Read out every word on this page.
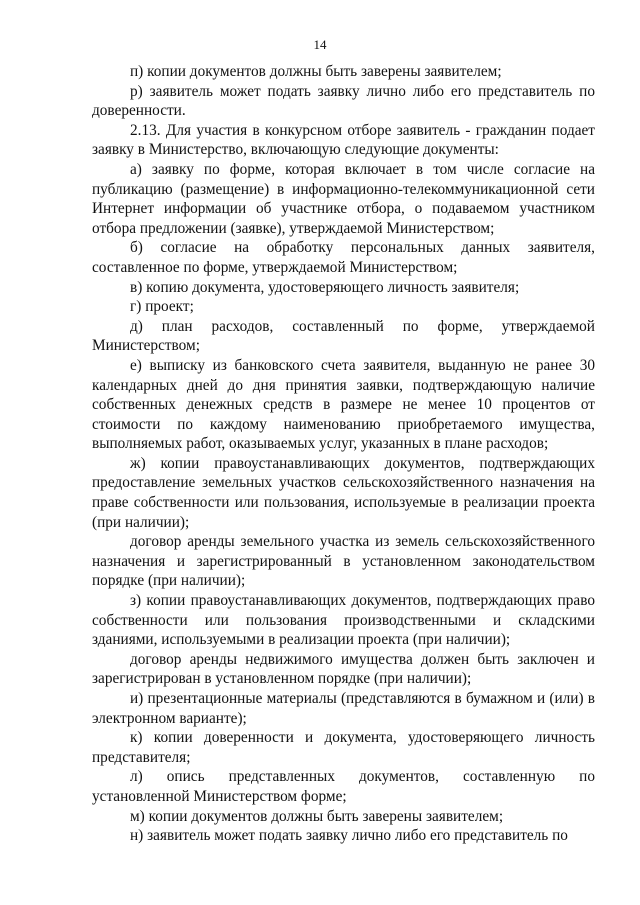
14

п) копии документов должны быть заверены заявителем;

р) заявитель может подать заявку лично либо его представитель по доверенности.

2.13. Для участия в конкурсном отборе заявитель - гражданин подает заявку в Министерство, включающую следующие документы:

а) заявку по форме, которая включает в том числе согласие на публикацию (размещение) в информационно-телекоммуникационной сети Интернет информации об участнике отбора, о подаваемом участником отбора предложении (заявке), утверждаемой Министерством;

б) согласие на обработку персональных данных заявителя, составленное по форме, утверждаемой Министерством;

в) копию документа, удостоверяющего личность заявителя;

г) проект;

д) план расходов, составленный по форме, утверждаемой Министерством;

е) выписку из банковского счета заявителя, выданную не ранее 30 календарных дней до дня принятия заявки, подтверждающую наличие собственных денежных средств в размере не менее 10 процентов от стоимости по каждому наименованию приобретаемого имущества, выполняемых работ, оказываемых услуг, указанных в плане расходов;

ж) копии правоустанавливающих документов, подтверждающих предоставление земельных участков сельскохозяйственного назначения на праве собственности или пользования, используемые в реализации проекта (при наличии);

договор аренды земельного участка из земель сельскохозяйственного назначения и зарегистрированный в установленном законодательством порядке (при наличии);

з) копии правоустанавливающих документов, подтверждающих право собственности или пользования производственными и складскими зданиями, используемыми в реализации проекта (при наличии);

договор аренды недвижимого имущества должен быть заключен и зарегистрирован в установленном порядке (при наличии);

и) презентационные материалы (представляются в бумажном и (или) в электронном варианте);

к) копии доверенности и документа, удостоверяющего личность представителя;

л) опись представленных документов, составленную по установленной Министерством форме;

м) копии документов должны быть заверены заявителем;

н) заявитель может подать заявку лично либо его представитель по
